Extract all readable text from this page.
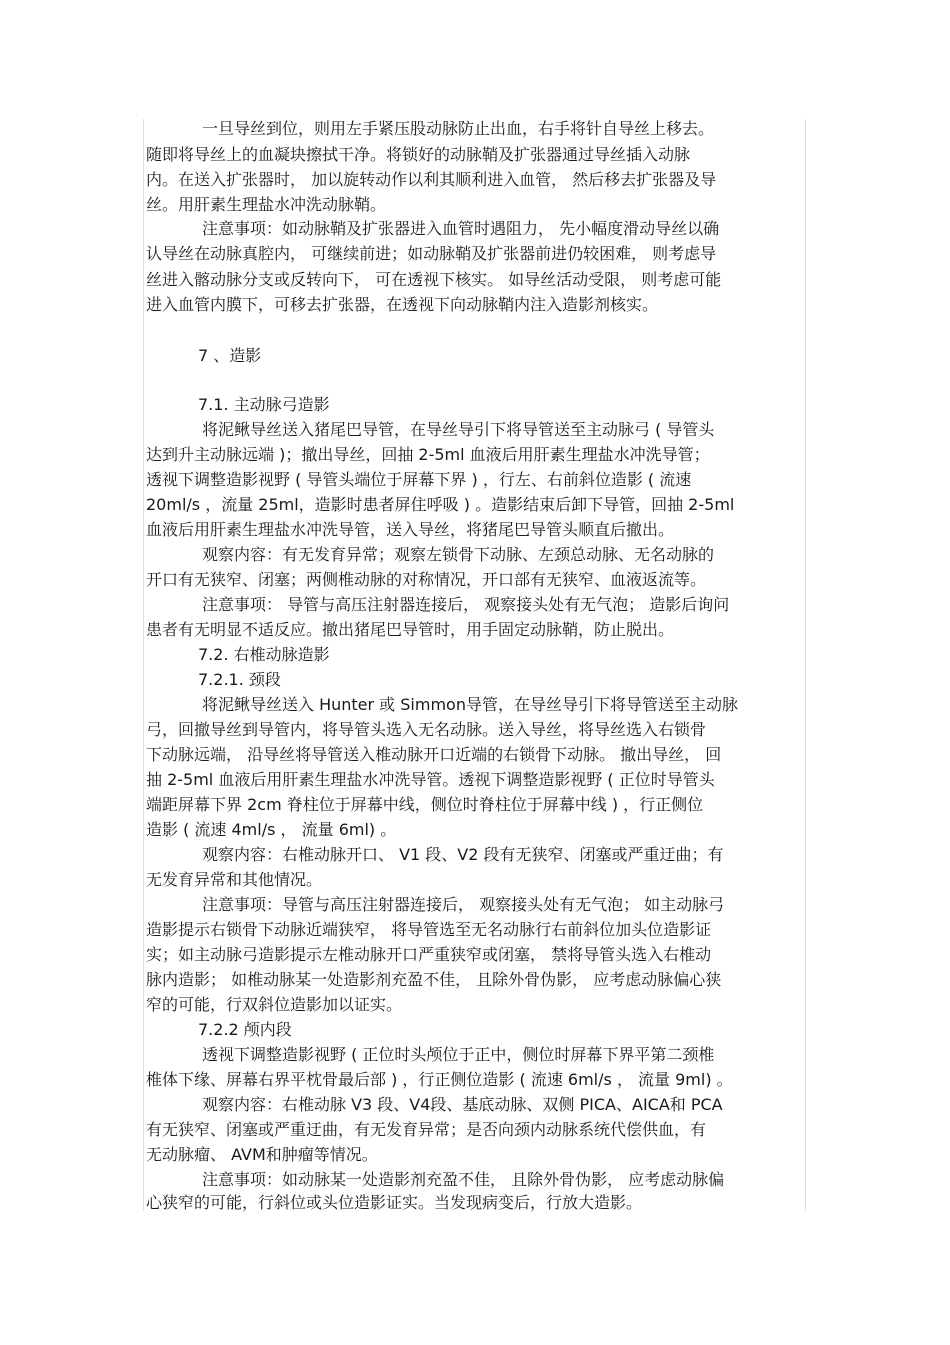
一旦导丝到位，则用左手紧压股动脉防止出血，右手将针自导丝上移去。
随即将导丝上的血凝块擦拭干净。将锁好的动脉鞘及扩张器通过导丝插入动脉
内。在送入扩张器时， 加以旋转动作以利其顺利进入血管， 然后移去扩张器及导
丝。用肝素生理盐水冲洗动脉鞘。
注意事项：如动脉鞘及扩张器进入血管时遇阻力， 先小幅度滑动导丝以确
认导丝在动脉真腔内， 可继续前进；如动脉鞘及扩张器前进仍较困难， 则考虑导
丝进入髂动脉分支或反转向下， 可在透视下核实。 如导丝活动受限， 则考虑可能
进入血管内膜下，可移去扩张器，在透视下向动脉鞘内注入造影剂核实。
7 、造影
7.1. 主动脉弓造影
将泥鳅导丝送入猪尾巴导管，在导丝导引下将导管送至主动脉弓 ( 导管头
达到升主动脉远端 )；撤出导丝，回抽 2-5ml 血液后用肝素生理盐水冲洗导管；
透视下调整造影视野 ( 导管头端位于屏幕下界 ) ，行左、右前斜位造影 ( 流速
20ml/s ，流量 25ml，造影时患者屏住呼吸 ) 。造影结束后卸下导管，回抽 2-5ml
血液后用肝素生理盐水冲洗导管，送入导丝，将猪尾巴导管头顺直后撤出。
观察内容：有无发育异常；观察左锁骨下动脉、左颈总动脉、无名动脉的
开口有无狭窄、闭塞；两侧椎动脉的对称情况，开口部有无狭窄、血液返流等。
注意事项： 导管与高压注射器连接后， 观察接头处有无气泡； 造影后询问
患者有无明显不适反应。撤出猪尾巴导管时，用手固定动脉鞘，防止脱出。
7.2. 右椎动脉造影
7.2.1. 颈段
将泥鳅导丝送入 Hunter 或 Simmon导管，在导丝导引下将导管送至主动脉
弓，回撤导丝到导管内，将导管头选入无名动脉。送入导丝，将导丝选入右锁骨
下动脉远端， 沿导丝将导管送入椎动脉开口近端的右锁骨下动脉。 撤出导丝， 回
抽 2-5ml 血液后用肝素生理盐水冲洗导管。透视下调整造影视野 ( 正位时导管头
端距屏幕下界 2cm 脊柱位于屏幕中线，侧位时脊柱位于屏幕中线 ) ，行正侧位
造影 ( 流速 4ml/s ， 流量 6ml) 。
观察内容：右椎动脉开口、 V1 段、V2 段有无狭窄、闭塞或严重迂曲；有
无发育异常和其他情况。
注意事项：导管与高压注射器连接后， 观察接头处有无气泡； 如主动脉弓
造影提示右锁骨下动脉近端狭窄， 将导管选至无名动脉行右前斜位加头位造影证
实；如主动脉弓造影提示左椎动脉开口严重狭窄或闭塞， 禁将导管头选入右椎动
脉内造影； 如椎动脉某一处造影剂充盈不佳， 且除外骨伪影， 应考虑动脉偏心狭
窄的可能，行双斜位造影加以证实。
7.2.2 颅内段
透视下调整造影视野 ( 正位时头颅位于正中，侧位时屏幕下界平第二颈椎
椎体下缘、屏幕右界平枕骨最后部 ) ，行正侧位造影 ( 流速 6ml/s ， 流量 9ml) 。
观察内容：右椎动脉 V3 段、V4段、基底动脉、双侧 PICA、AICA和 PCA
有无狭窄、闭塞或严重迂曲，有无发育异常；是否向颈内动脉系统代偿供血，有
无动脉瘤、 AVM和肿瘤等情况。
注意事项：如动脉某一处造影剂充盈不佳， 且除外骨伪影， 应考虑动脉偏
心狭窄的可能，行斜位或头位造影证实。当发现病变后，行放大造影。
